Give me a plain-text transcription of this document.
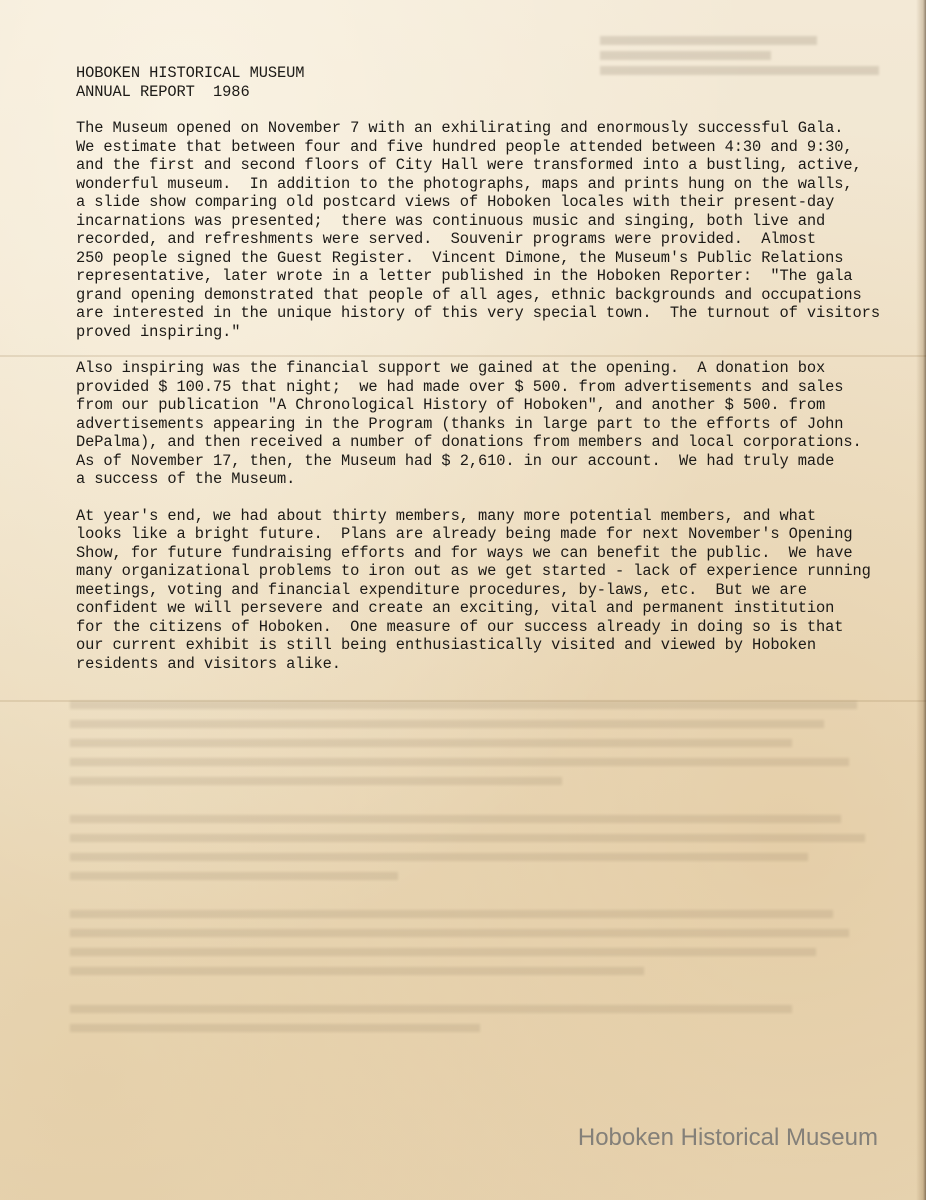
HOBOKEN HISTORICAL MUSEUM
ANNUAL REPORT  1986
The Museum opened on November 7 with an exhilirating and enormously successful Gala.
We estimate that between four and five hundred people attended between 4:30 and 9:30,
and the first and second floors of City Hall were transformed into a bustling, active,
wonderful museum.  In addition to the photographs, maps and prints hung on the walls,
a slide show comparing old postcard views of Hoboken locales with their present-day
incarnations was presented;  there was continuous music and singing, both live and
recorded, and refreshments were served.  Souvenir programs were provided.  Almost
250 people signed the Guest Register.  Vincent Dimone, the Museum's Public Relations
representative, later wrote in a letter published in the Hoboken Reporter:  "The gala
grand opening demonstrated that people of all ages, ethnic backgrounds and occupations
are interested in the unique history of this very special town.  The turnout of visitors
proved inspiring."
Also inspiring was the financial support we gained at the opening.  A donation box
provided $ 100.75 that night;  we had made over $ 500. from advertisements and sales
from our publication "A Chronological History of Hoboken", and another $ 500. from
advertisements appearing in the Program (thanks in large part to the efforts of John
DePalma), and then received a number of donations from members and local corporations.
As of November 17, then, the Museum had $ 2,610. in our account.  We had truly made
a success of the Museum.
At year's end, we had about thirty members, many more potential members, and what
looks like a bright future.  Plans are already being made for next November's Opening
Show, for future fundraising efforts and for ways we can benefit the public.  We have
many organizational problems to iron out as we get started - lack of experience running
meetings, voting and financial expenditure procedures, by-laws, etc.  But we are
confident we will persevere and create an exciting, vital and permanent institution
for the citizens of Hoboken.  One measure of our success already in doing so is that
our current exhibit is still being enthusiastically visited and viewed by Hoboken
residents and visitors alike.
Hoboken Historical Museum
